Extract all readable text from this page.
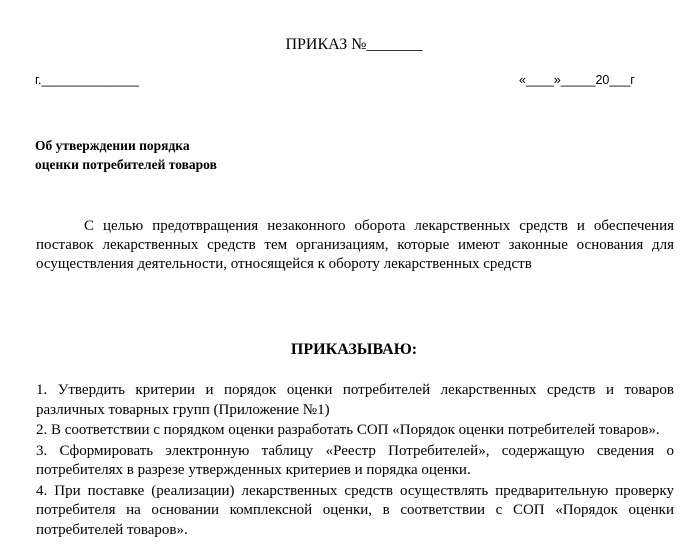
ПРИКАЗ №_______
г.______________	«____»_____20___г
Об утверждении порядка
оценки потребителей товаров
С целью предотвращения незаконного оборота лекарственных средств и обеспечения поставок лекарственных средств тем организациям, которые имеют законные основания для осуществления деятельности, относящейся к обороту лекарственных средств
ПРИКАЗЫВАЮ:
1. Утвердить критерии и порядок оценки потребителей лекарственных средств и товаров различных товарных групп (Приложение №1)
2. В соответствии с порядком оценки разработать СОП «Порядок оценки потребителей товаров».
3. Сформировать электронную таблицу «Реестр Потребителей», содержащую сведения о потребителях в разрезе утвержденных критериев и порядка оценки.
4. При поставке (реализации) лекарственных средств осуществлять предварительную проверку потребителя на основании комплексной оценки, в соответствии с СОП «Порядок оценки потребителей товаров».
